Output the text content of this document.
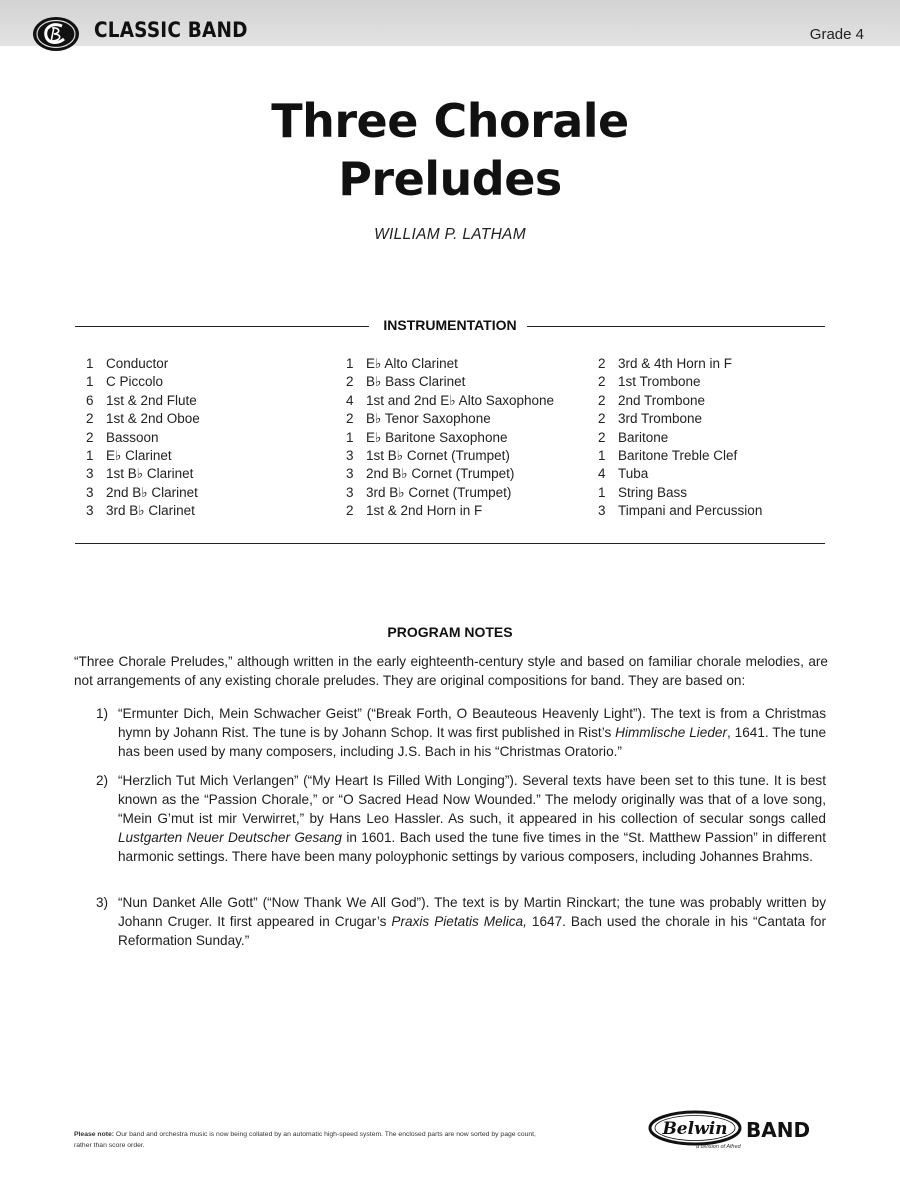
CLASSIC BAND	Grade 4
Three Chorale
Preludes
WILLIAM P. LATHAM
INSTRUMENTATION
1 Conductor
1 C Piccolo
6 1st & 2nd Flute
2 1st & 2nd Oboe
2 Bassoon
1 E♭ Clarinet
3 1st B♭ Clarinet
3 2nd B♭ Clarinet
3 3rd B♭ Clarinet
1 E♭ Alto Clarinet
2 B♭ Bass Clarinet
4 1st and 2nd E♭ Alto Saxophone
2 B♭ Tenor Saxophone
1 E♭ Baritone Saxophone
3 1st B♭ Cornet (Trumpet)
3 2nd B♭ Cornet (Trumpet)
3 3rd B♭ Cornet (Trumpet)
2 1st & 2nd Horn in F
2 3rd & 4th Horn in F
2 1st Trombone
2 2nd Trombone
2 3rd Trombone
2 Baritone
1 Baritone Treble Clef
4 Tuba
1 String Bass
3 Timpani and Percussion
PROGRAM NOTES
“Three Chorale Preludes,” although written in the early eighteenth-century style and based on familiar chorale melodies, are not arrangements of any existing chorale preludes. They are original compositions for band. They are based on:
1) “Ermunter Dich, Mein Schwacher Geist” (“Break Forth, O Beauteous Heavenly Light”). The text is from a Christmas hymn by Johann Rist. The tune is by Johann Schop. It was first published in Rist’s Himmlische Lieder, 1641. The tune has been used by many composers, including J.S. Bach in his “Christmas Oratorio.”
2) “Herzlich Tut Mich Verlangen” (“My Heart Is Filled With Longing”). Several texts have been set to this tune. It is best known as the “Passion Chorale,” or “O Sacred Head Now Wounded.” The melody originally was that of a love song, “Mein G’mut ist mir Verwirret,” by Hans Leo Hassler. As such, it appeared in his collection of secular songs called Lustgarten Neuer Deutscher Gesang in 1601. Bach used the tune five times in the “St. Matthew Passion” in different harmonic settings. There have been many poloyphonic settings by various composers, including Johannes Brahms.
3) “Nun Danket Alle Gott” (“Now Thank We All God”). The text is by Martin Rinckart; the tune was probably written by Johann Cruger. It first appeared in Crugar’s Praxis Pietatis Melica, 1647. Bach used the chorale in his “Cantata for Reformation Sunday.”
Please note: Our band and orchestra music is now being collated by an automatic high-speed system. The enclosed parts are now sorted by page count, rather than score order.
Belwin BAND
a division of Alfred
